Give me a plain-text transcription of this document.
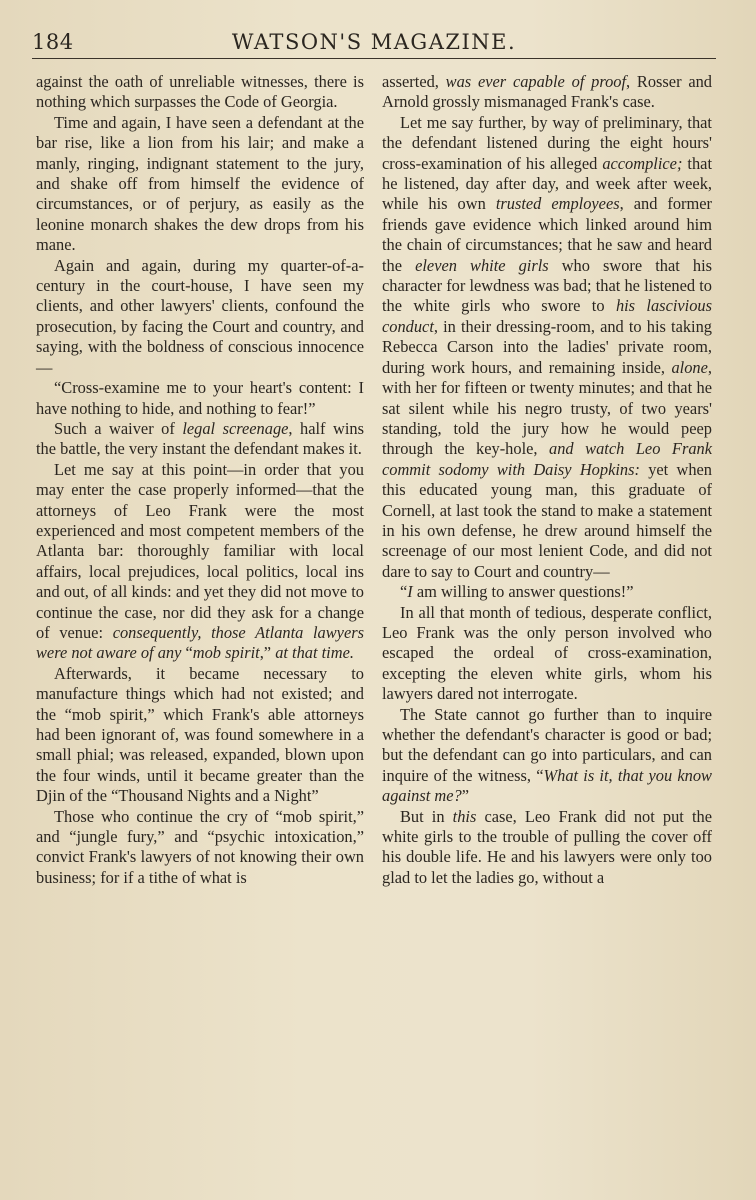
184	WATSON'S MAGAZINE.

against the oath of unreliable witnesses, there is nothing which surpasses the Code of Georgia.

Time and again, I have seen a defendant at the bar rise, like a lion from his lair; and make a manly, ringing, indignant statement to the jury, and shake off from himself the evidence of circumstances, or of perjury, as easily as the leonine monarch shakes the dew drops from his mane.

Again and again, during my quarter-of-a-century in the court-house, I have seen my clients, and other lawyers' clients, confound the prosecution, by facing the Court and country, and saying, with the boldness of conscious innocence—

“Cross-examine me to your heart's content: I have nothing to hide, and nothing to fear!”

Such a waiver of legal screenage, half wins the battle, the very instant the defendant makes it.

Let me say at this point—in order that you may enter the case properly informed—that the attorneys of Leo Frank were the most experienced and most competent members of the Atlanta bar: thoroughly familiar with local affairs, local prejudices, local politics, local ins and out, of all kinds: and yet they did not move to continue the case, nor did they ask for a change of venue: consequently, those Atlanta lawyers were not aware of any “mob spirit,” at that time.

Afterwards, it became necessary to manufacture things which had not existed; and the “mob spirit,” which Frank's able attorneys had been ignorant of, was found somewhere in a small phial; was released, expanded, blown upon the four winds, until it became greater than the Djin of the “Thousand Nights and a Night”

Those who continue the cry of “mob spirit,” and “jungle fury,” and “psychic intoxication,” convict Frank's lawyers of not knowing their own business; for if a tithe of what is

asserted, was ever capable of proof, Rosser and Arnold grossly mismanaged Frank's case.

Let me say further, by way of preliminary, that the defendant listened during the eight hours' cross-examination of his alleged accomplice; that he listened, day after day, and week after week, while his own trusted employees, and former friends gave evidence which linked around him the chain of circumstances; that he saw and heard the eleven white girls who swore that his character for lewdness was bad; that he listened to the white girls who swore to his lascivious conduct, in their dressing-room, and to his taking Rebecca Carson into the ladies' private room, during work hours, and remaining inside, alone, with her for fifteen or twenty minutes; and that he sat silent while his negro trusty, of two years' standing, told the jury how he would peep through the key-hole, and watch Leo Frank commit sodomy with Daisy Hopkins: yet when this educated young man, this graduate of Cornell, at last took the stand to make a statement in his own defense, he drew around himself the screenage of our most lenient Code, and did not dare to say to Court and country—

“I am willing to answer questions!”

In all that month of tedious, desperate conflict, Leo Frank was the only person involved who escaped the ordeal of cross-examination, excepting the eleven white girls, whom his lawyers dared not interrogate.

The State cannot go further than to inquire whether the defendant's character is good or bad; but the defendant can go into particulars, and can inquire of the witness, “What is it, that you know against me?”

But in this case, Leo Frank did not put the white girls to the trouble of pulling the cover off his double life. He and his lawyers were only too glad to let the ladies go, without a
